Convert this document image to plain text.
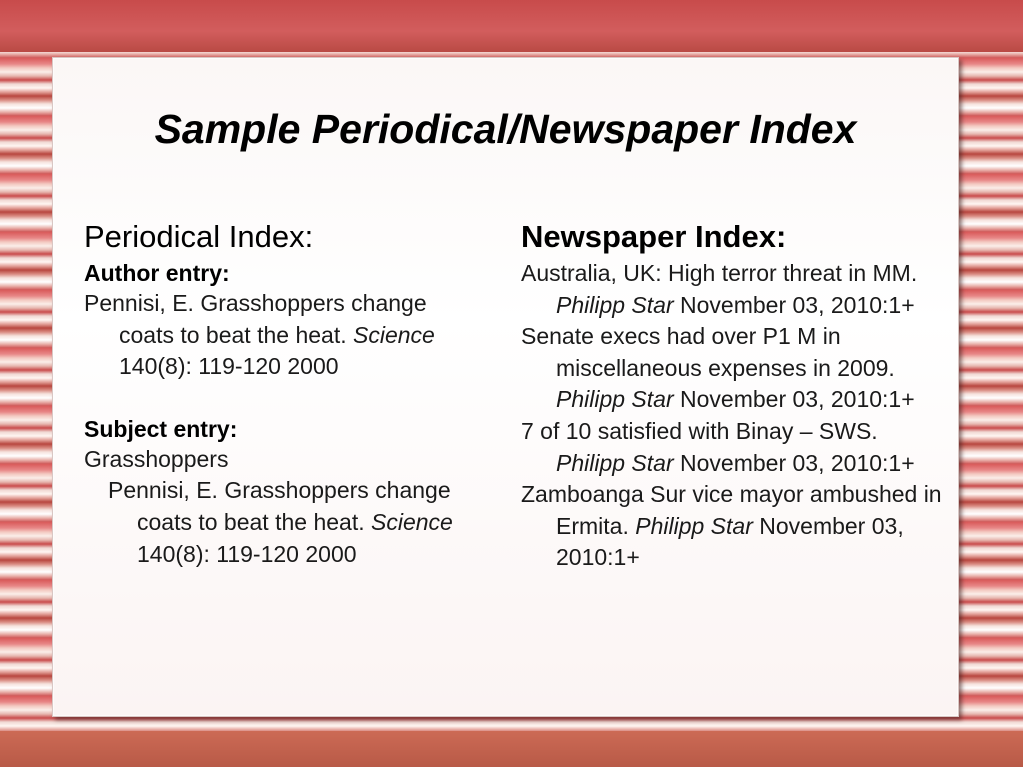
Sample Periodical/Newspaper Index
Periodical Index:
Author entry:
Pennisi, E. Grasshoppers change coats to beat the heat. Science 140(8): 119-120 2000
Subject entry:
Grasshoppers
Pennisi, E. Grasshoppers change coats to beat the heat. Science 140(8): 119-120 2000
Newspaper Index:
Australia, UK: High terror threat in MM. Philipp Star November 03, 2010:1+
Senate execs had over P1 M in miscellaneous expenses in 2009. Philipp Star November 03, 2010:1+
7 of 10 satisfied with Binay – SWS. Philipp Star November 03, 2010:1+
Zamboanga Sur vice mayor ambushed in Ermita. Philipp Star November 03, 2010:1+
